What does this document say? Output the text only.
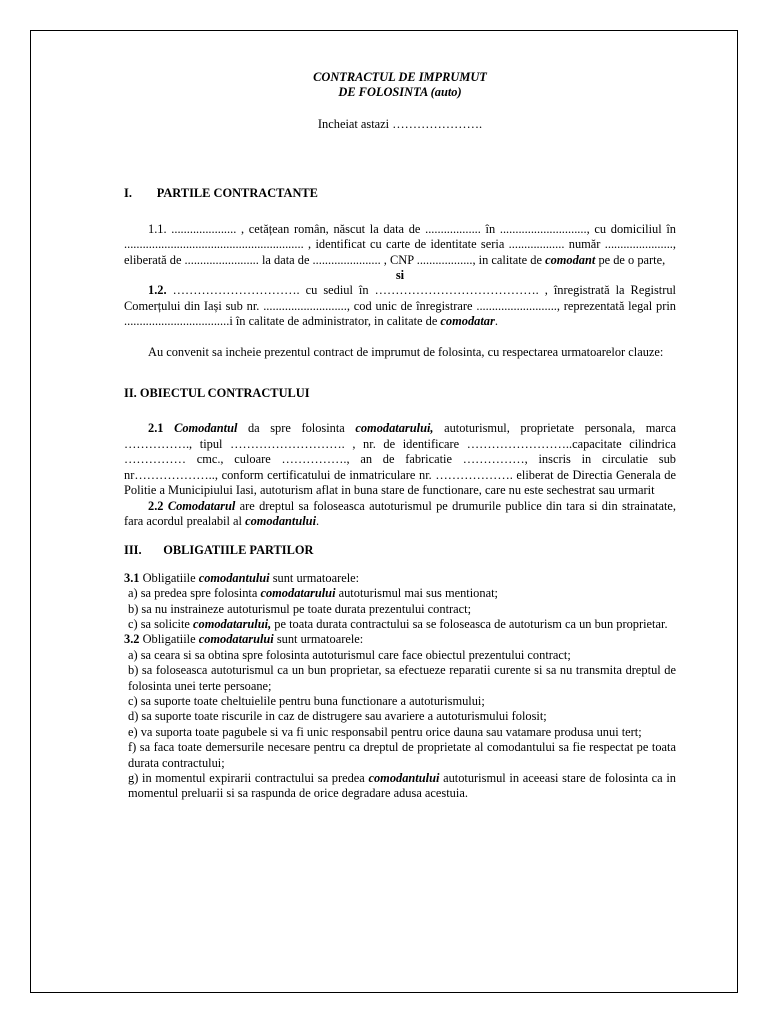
CONTRACTUL DE IMPRUMUT

DE FOLOSINTA (auto)

Incheiat astazi ………………….

I.        PARTILE CONTRACTANTE

1.1. ..................... , cetățean român, născut la data de .................. în ............................, cu domiciliul în .......................................................... , identificat cu carte de identitate seria .................. număr ......................, eliberată de ........................ la data de ...................... , CNP .................., in calitate de comodant pe de o parte,

si

1.2. …………………………. cu sediul în …………………………………. , înregistrată la Registrul Comerțului din Iași sub nr. ..........................., cod unic de înregistrare .........................., reprezentată legal prin ..................................i în calitate de administrator, in calitate de comodatar.

Au convenit sa incheie prezentul contract de imprumut de folosinta, cu respectarea urmatoarelor clauze:

II. OBIECTUL CONTRACTULUI

2.1 Comodantul da spre folosinta comodatarului, autoturismul, proprietate personala, marca ……………., tipul ………………………. , nr. de identificare ……………………..capacitate cilindrica …………… cmc., culoare ……………., an de fabricatie ……………, inscris in circulatie sub nr……………….., conform certificatului de inmatriculare nr. ………………. eliberat de Directia Generala de Politie a Municipiului Iasi, autoturism aflat in buna stare de functionare, care nu este sechestrat sau urmarit

2.2 Comodatarul are dreptul sa foloseasca autoturismul pe drumurile publice din tara si din strainatate, fara acordul prealabil al comodantului.

III.       OBLIGATIILE PARTILOR

3.1 Obligatiile comodantului sunt urmatoarele:

a) sa predea spre folosinta comodatarului autoturismul mai sus mentionat;

b) sa nu instraineze autoturismul pe toate durata prezentului contract;

c) sa solicite comodatarului, pe toata durata contractului sa se foloseasca de autoturism ca un bun proprietar.

3.2 Obligatiile comodatarului sunt urmatoarele:

a) sa ceara si sa obtina spre folosinta autoturismul care face obiectul prezentului contract;

b) sa foloseasca autoturismul ca un bun proprietar, sa efectueze reparatii curente si sa nu transmita dreptul de folosinta unei terte persoane;

c) sa suporte toate cheltuielile pentru buna functionare a autoturismului;

d) sa suporte toate riscurile in caz de distrugere sau avariere a autoturismului folosit;

e) va suporta toate pagubele si va fi unic responsabil pentru orice dauna sau vatamare produsa unui tert;

f) sa faca toate demersurile necesare pentru ca dreptul de proprietate al comodantului sa fie respectat pe toata durata contractului;

g) in momentul expirarii contractului sa predea comodantului autoturismul in aceeasi stare de folosinta ca in momentul preluarii si sa raspunda de orice degradare adusa acestuia.
